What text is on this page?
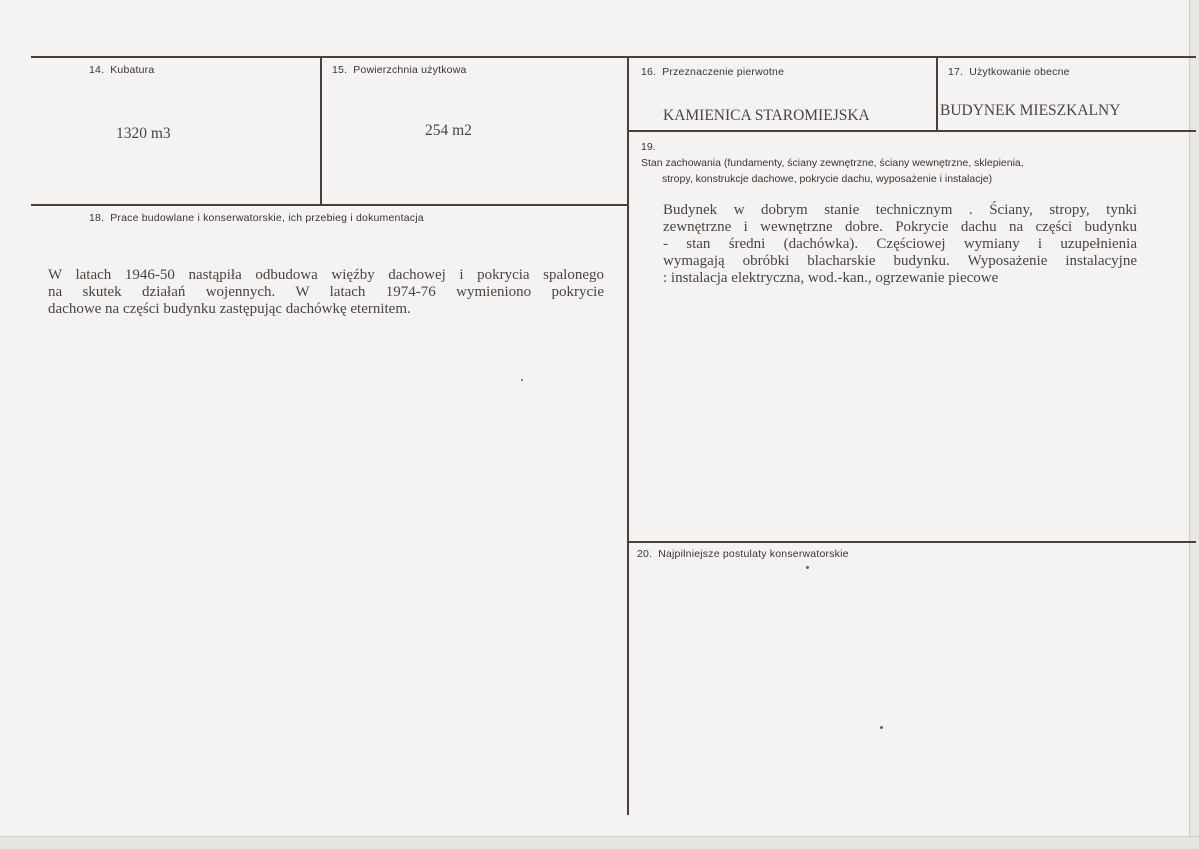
14. Kubatura
1320 m3
15. Powierzchnia użytkowa
254 m2
16. Przeznaczenie pierwotne
KAMIENICA STAROMIEJSKA
17. Użytkowanie obecne
BUDYNEK MIESZKALNY
18. Prace budowlane i konserwatorskie, ich przebieg i dokumentacja
W latach 1946-50 nastąpiła odbudowa więźby dachowej i pokrycia spalonego
na skutek działań wojennych. W latach 1974-76 wymieniono pokrycie
dachowe na części budynku zastępując dachówkę eternitem.
19.
Stan zachowania (fundamenty, ściany zewnętrzne, ściany wewnętrzne, sklepienia,
stropy, konstrukcje dachowe, pokrycie dachu, wyposażenie i instalacje)
Budynek w dobrym stanie technicznym . Ściany, stropy, tynki
zewnętrzne i wewnętrzne dobre. Pokrycie dachu na części budynku
- stan średni (dachówka). Częściowej wymiany i uzupełnienia
wymagają obróbki blacharskie budynku. Wyposażenie instalacyjne
: instalacja elektryczna, wod.-kan., ogrzewanie piecowe
20. Najpilniejsze postulaty konserwatorskie
